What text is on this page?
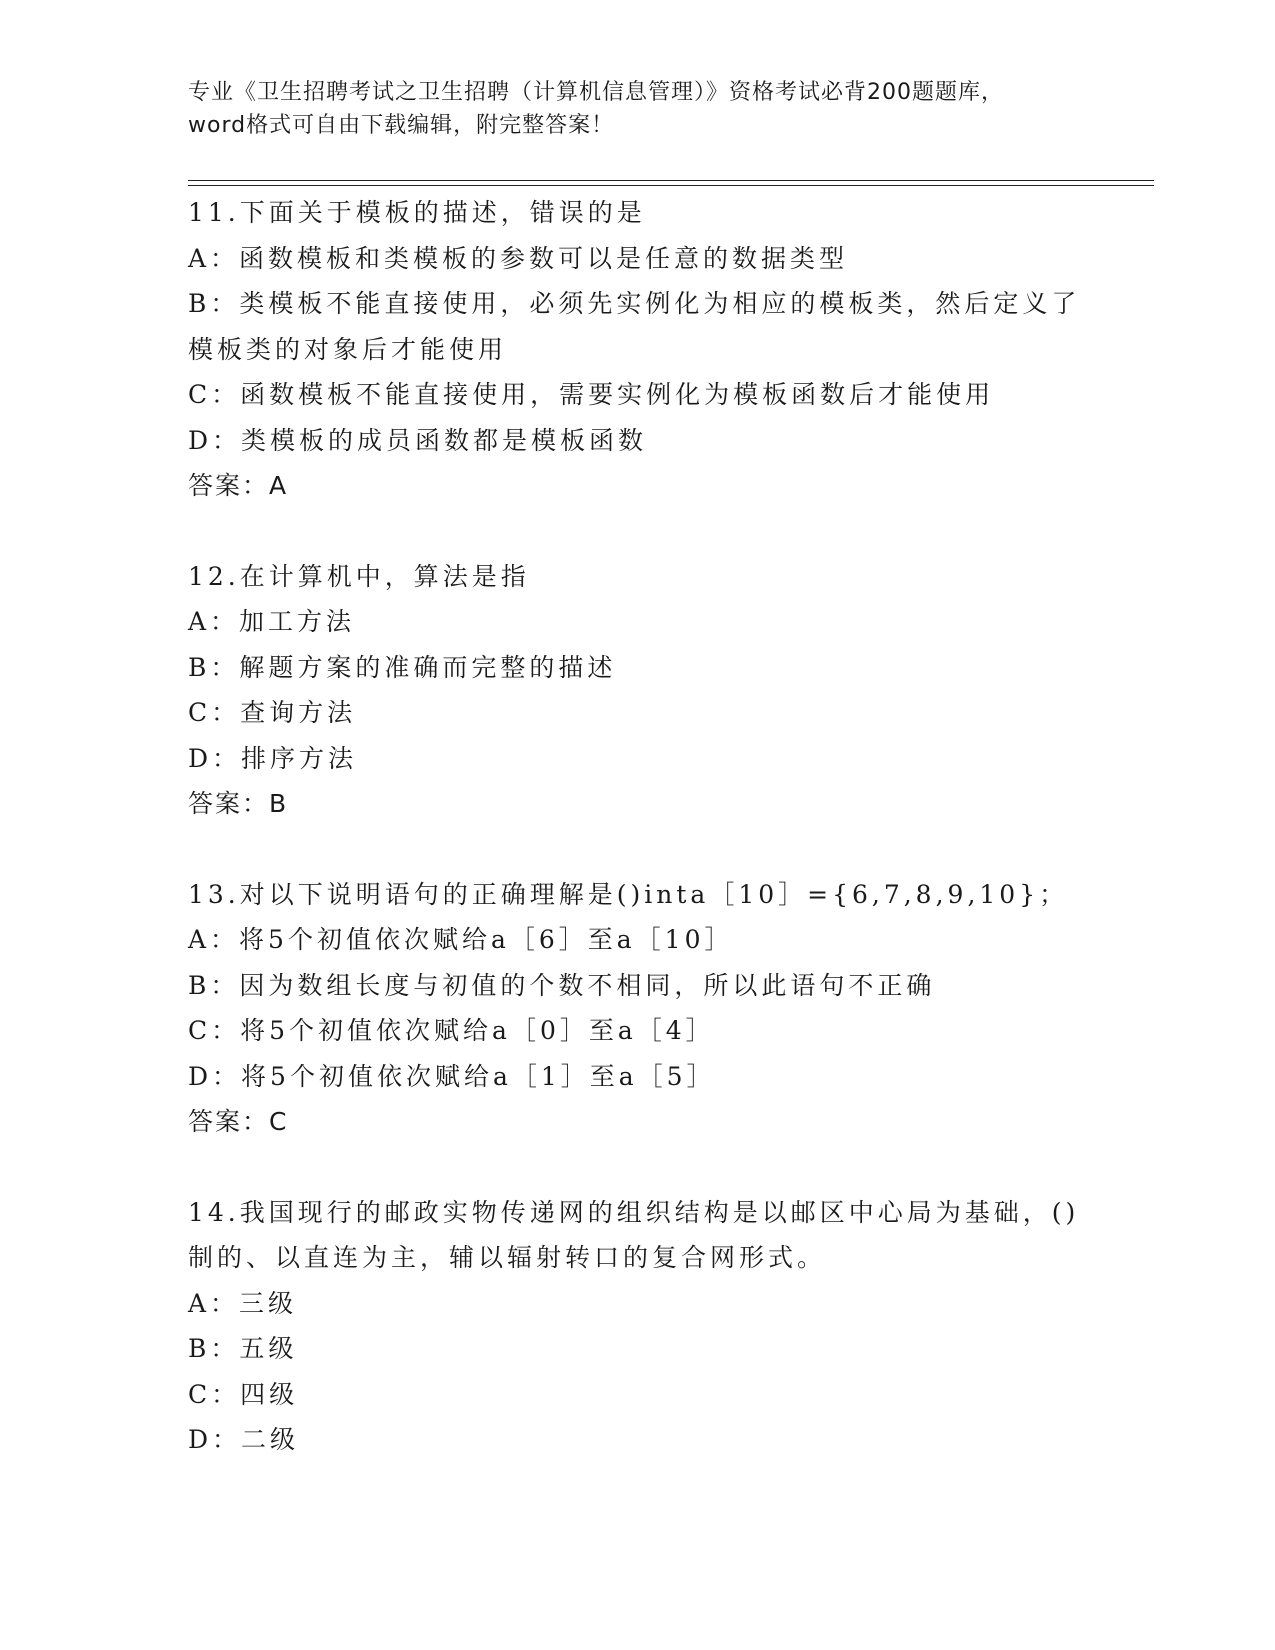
专业《卫生招聘考试之卫生招聘（计算机信息管理）》资格考试必背200题题库，
word格式可自由下载编辑，附完整答案！
11.下面关于模板的描述，错误的是
A：函数模板和类模板的参数可以是任意的数据类型
B：类模板不能直接使用，必须先实例化为相应的模板类，然后定义了
模板类的对象后才能使用
C：函数模板不能直接使用，需要实例化为模板函数后才能使用
D：类模板的成员函数都是模板函数
答案：A
12.在计算机中，算法是指
A：加工方法
B：解题方案的准确而完整的描述
C：查询方法
D：排序方法
答案：B
13.对以下说明语句的正确理解是()inta［10］={6,7,8,9,10}；
A：将5个初值依次赋给a［6］至a［10］
B：因为数组长度与初值的个数不相同，所以此语句不正确
C：将5个初值依次赋给a［0］至a［4］
D：将5个初值依次赋给a［1］至a［5］
答案：C
14.我国现行的邮政实物传递网的组织结构是以邮区中心局为基础，()
制的、以直连为主，辅以辐射转口的复合网形式。
A：三级
B：五级
C：四级
D：二级
